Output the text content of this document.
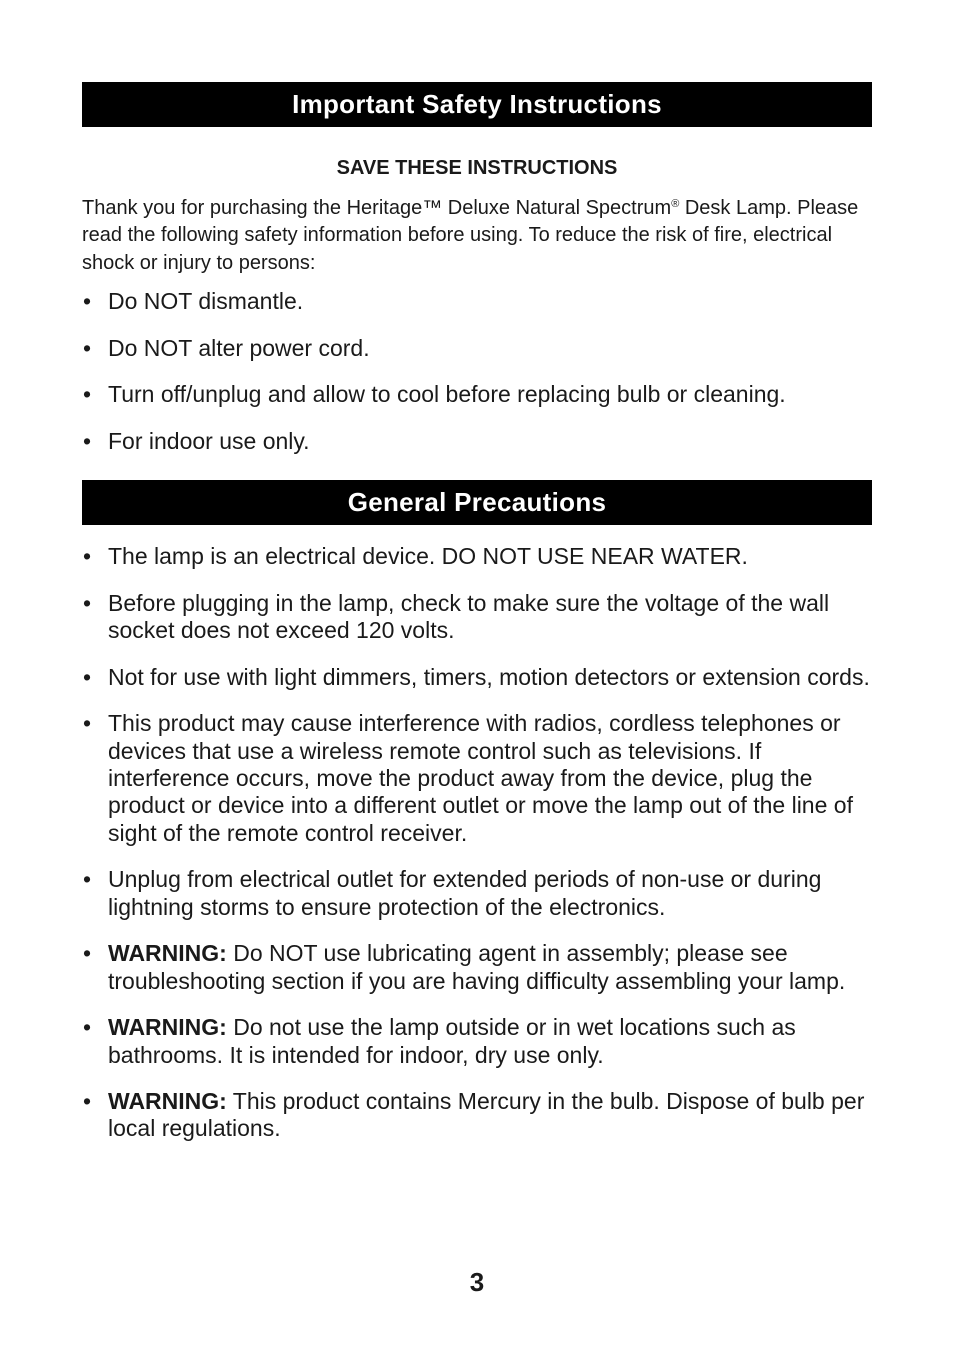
Important Safety Instructions
SAVE THESE INSTRUCTIONS

Thank you for purchasing the Heritage™ Deluxe Natural Spectrum® Desk Lamp. Please read the following safety information before using. To reduce the risk of fire, electrical shock or injury to persons:

• Do NOT dismantle.
• Do NOT alter power cord.
• Turn off/unplug and allow to cool before replacing bulb or cleaning.
• For indoor use only.
General Precautions
• The lamp is an electrical device. DO NOT USE NEAR WATER.
• Before plugging in the lamp, check to make sure the voltage of the wall socket does not exceed 120 volts.
• Not for use with light dimmers, timers, motion detectors or extension cords.
• This product may cause interference with radios, cordless telephones or devices that use a wireless remote control such as televisions. If interference occurs, move the product away from the device, plug the product or device into a different outlet or move the lamp out of the line of sight of the remote control receiver.
• Unplug from electrical outlet for extended periods of non-use or during lightning storms to ensure protection of the electronics.
• WARNING: Do NOT use lubricating agent in assembly; please see troubleshooting section if you are having difficulty assembling your lamp.
• WARNING: Do not use the lamp outside or in wet locations such as bathrooms. It is intended for indoor, dry use only.
• WARNING: This product contains Mercury in the bulb. Dispose of bulb per local regulations.
3
